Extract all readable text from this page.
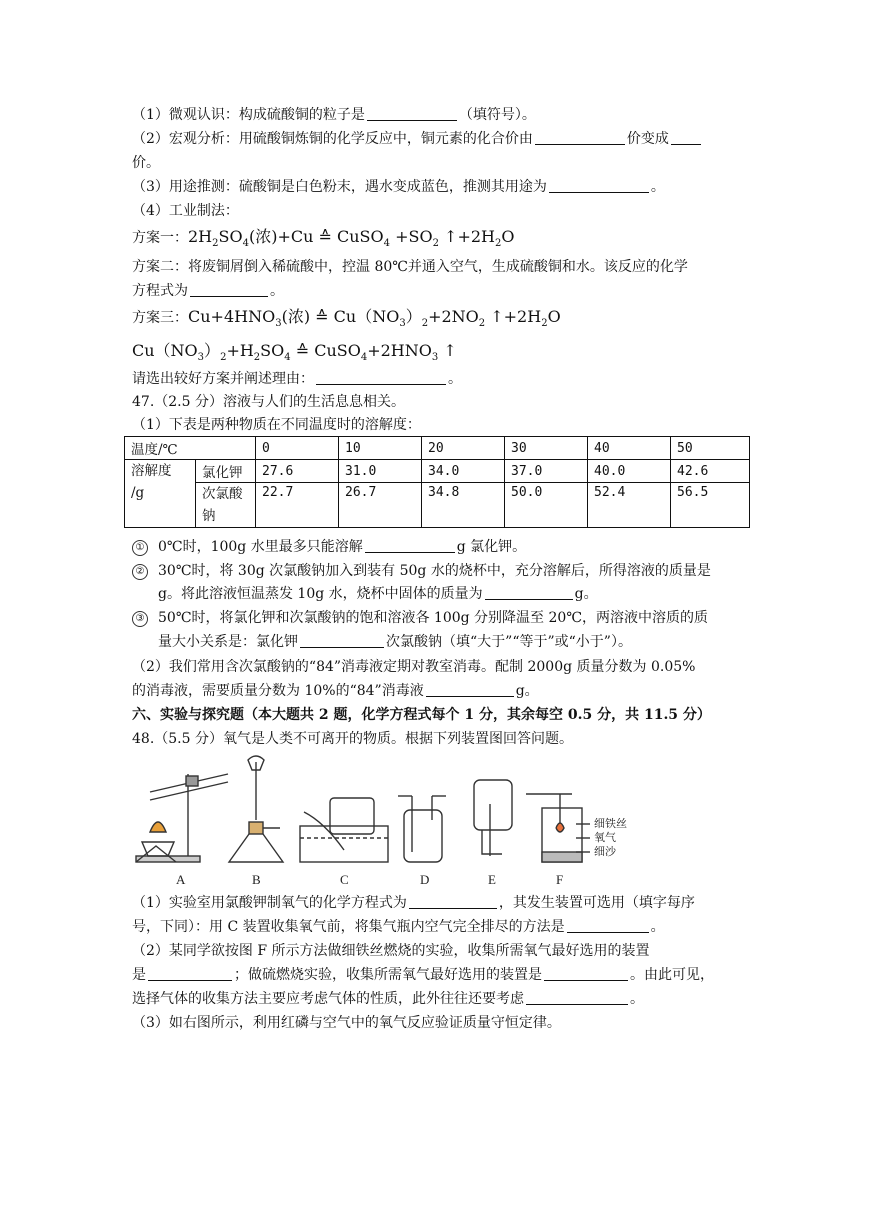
（1）微观认识：构成硫酸铜的粒子是	（填符号）。
（2）宏观分析：用硫酸铜炼铜的化学反应中，铜元素的化合价由	价变成
价。
（3）用途推测：硫酸铜是白色粉末，遇水变成蓝色，推测其用途为	。
（4）工业制法：
方案一：$2H_2SO_4$(浓)+Cu ≙ CuSO$_4$ $+SO_2$ $↑+2H_2O$
方案二：将废铜屑倒入稀硫酸中，控温 80℃并通入空气，生成硫酸铜和水。该反应的化学
方程式为	。
方案三：$Cu+4HNO_3$(浓) ≙ $Cu(NO_3)_2+2NO_2$ $↑+2H_2O$
$Cu(NO_3)_2+H_2SO_4$ ≙ $CuSO_4+2HNO_3$ ↑
请选出较好方案并阐述理由：	。
47.（2.5 分）溶液与人们的生活息息相关。
（1）下表是两种物质在不同温度时的溶解度：
温度/℃		0	10	20	30	40	50

溶解度
/g	氯化钾	27.6	31.0	34.0	37.0	40.0	42.6

	次氯酸
钠	22.7	26.7	34.8	50.0	52.4	56.5
① 0℃时，100g 水里最多只能溶解	g 氯化钾。
② 30℃时，将 30g 次氯酸钠加入到装有 50g 水的烧杯中，充分溶解后，所得溶液的质量是
g。将此溶液恒温蒸发 10g 水，烧杯中固体的质量为	g。
③ 50℃时，将氯化钾和次氯酸钠的饱和溶液各 100g 分别降温至 20℃，两溶液中溶质的质
量大小关系是：氯化钾	次氯酸钠（填“大于”“等于”或“小于”）。
（2）我们常用含次氯酸钠的“84”消毒液定期对教室消毒。配制 2000g 质量分数为 0.05%
的消毒液，需要质量分数为 10%的“84”消毒液	g。
六、实验与探究题（本大题共 2 题，化学方程式每个 1 分，其余每空 0.5 分，共 11.5 分）
48.（5.5 分）氧气是人类不可离开的物质。根据下列装置图回答问题。
细铁丝
氧气
细沙
A	B	C	D	E	F
（1）实验室用氯酸钾制氧气的化学方程式为	，其发生装置可选用（填字每序
号，下同）：用 C 装置收集氧气前，将集气瓶内空气完全排尽的方法是	。
（2）某同学欲按图 F 所示方法做细铁丝燃烧的实验，收集所需氧气最好选用的装置
是	；做硫燃烧实验，收集所需氧气最好选用的装置是	。由此可见，
选择气体的收集方法主要应考虑气体的性质，此外往往还要考虑	。
（3）如右图所示，利用红磷与空气中的氧气反应验证质量守恒定律。
